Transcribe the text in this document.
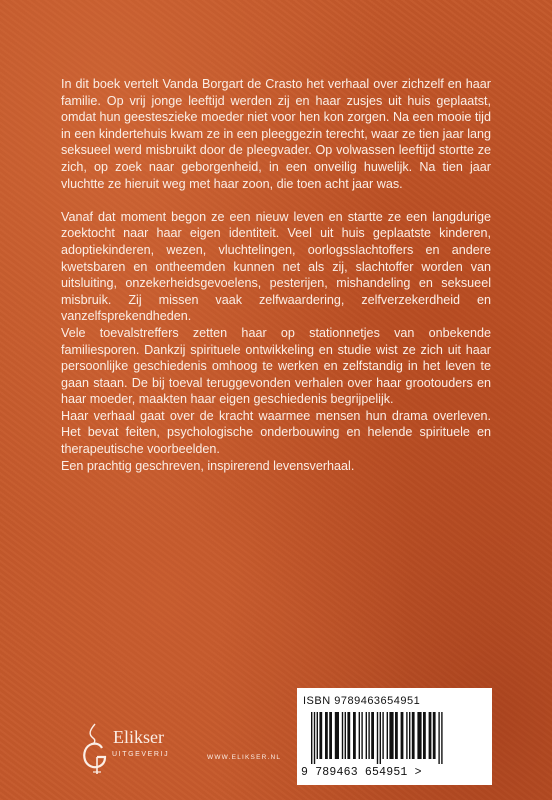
In dit boek vertelt Vanda Borgart de Crasto het verhaal over zichzelf en haar familie. Op vrij jonge leeftijd werden zij en haar zusjes uit huis geplaatst, omdat hun geesteszieke moeder niet voor hen kon zorgen. Na een mooie tijd in een kindertehuis kwam ze in een pleeggezin terecht, waar ze tien jaar lang seksueel werd misbruikt door de pleegvader. Op volwassen leeftijd stortte ze zich, op zoek naar geborgenheid, in een onveilig huwelijk. Na tien jaar vluchtte ze hieruit weg met haar zoon, die toen acht jaar was.

Vanaf dat moment begon ze een nieuw leven en startte ze een langdurige zoektocht naar haar eigen identiteit. Veel uit huis geplaatste kinderen, adoptiekinderen, wezen, vluchtelingen, oorlogsslachtoffers en andere kwetsbaren en ontheemden kunnen net als zij, slachtoffer worden van uitsluiting, onzekerheidsgevoelens, pesterijen, mishandeling en seksueel misbruik. Zij missen vaak zelfwaardering, zelfverzekerdheid en vanzelfsprekendheden.

Vele toevalstreffers zetten haar op stationnetjes van onbekende familiesporen. Dankzij spirituele ontwikkeling en studie wist ze zich uit haar persoonlijke geschiedenis omhoog te werken en zelfstandig in het leven te gaan staan. De bij toeval teruggevonden verhalen over haar grootouders en haar moeder, maakten haar eigen geschiedenis begrijpelijk.

Haar verhaal gaat over de kracht waarmee mensen hun drama overleven. Het bevat feiten, psychologische onderbouwing en helende spirituele en therapeutische voorbeelden.

Een prachtig geschreven, inspirerend levensverhaal.

Elikser
UITGEVERIJ	WWW.ELIKSER.NL
ISBN 9789463654951
9 789463 654951 >
